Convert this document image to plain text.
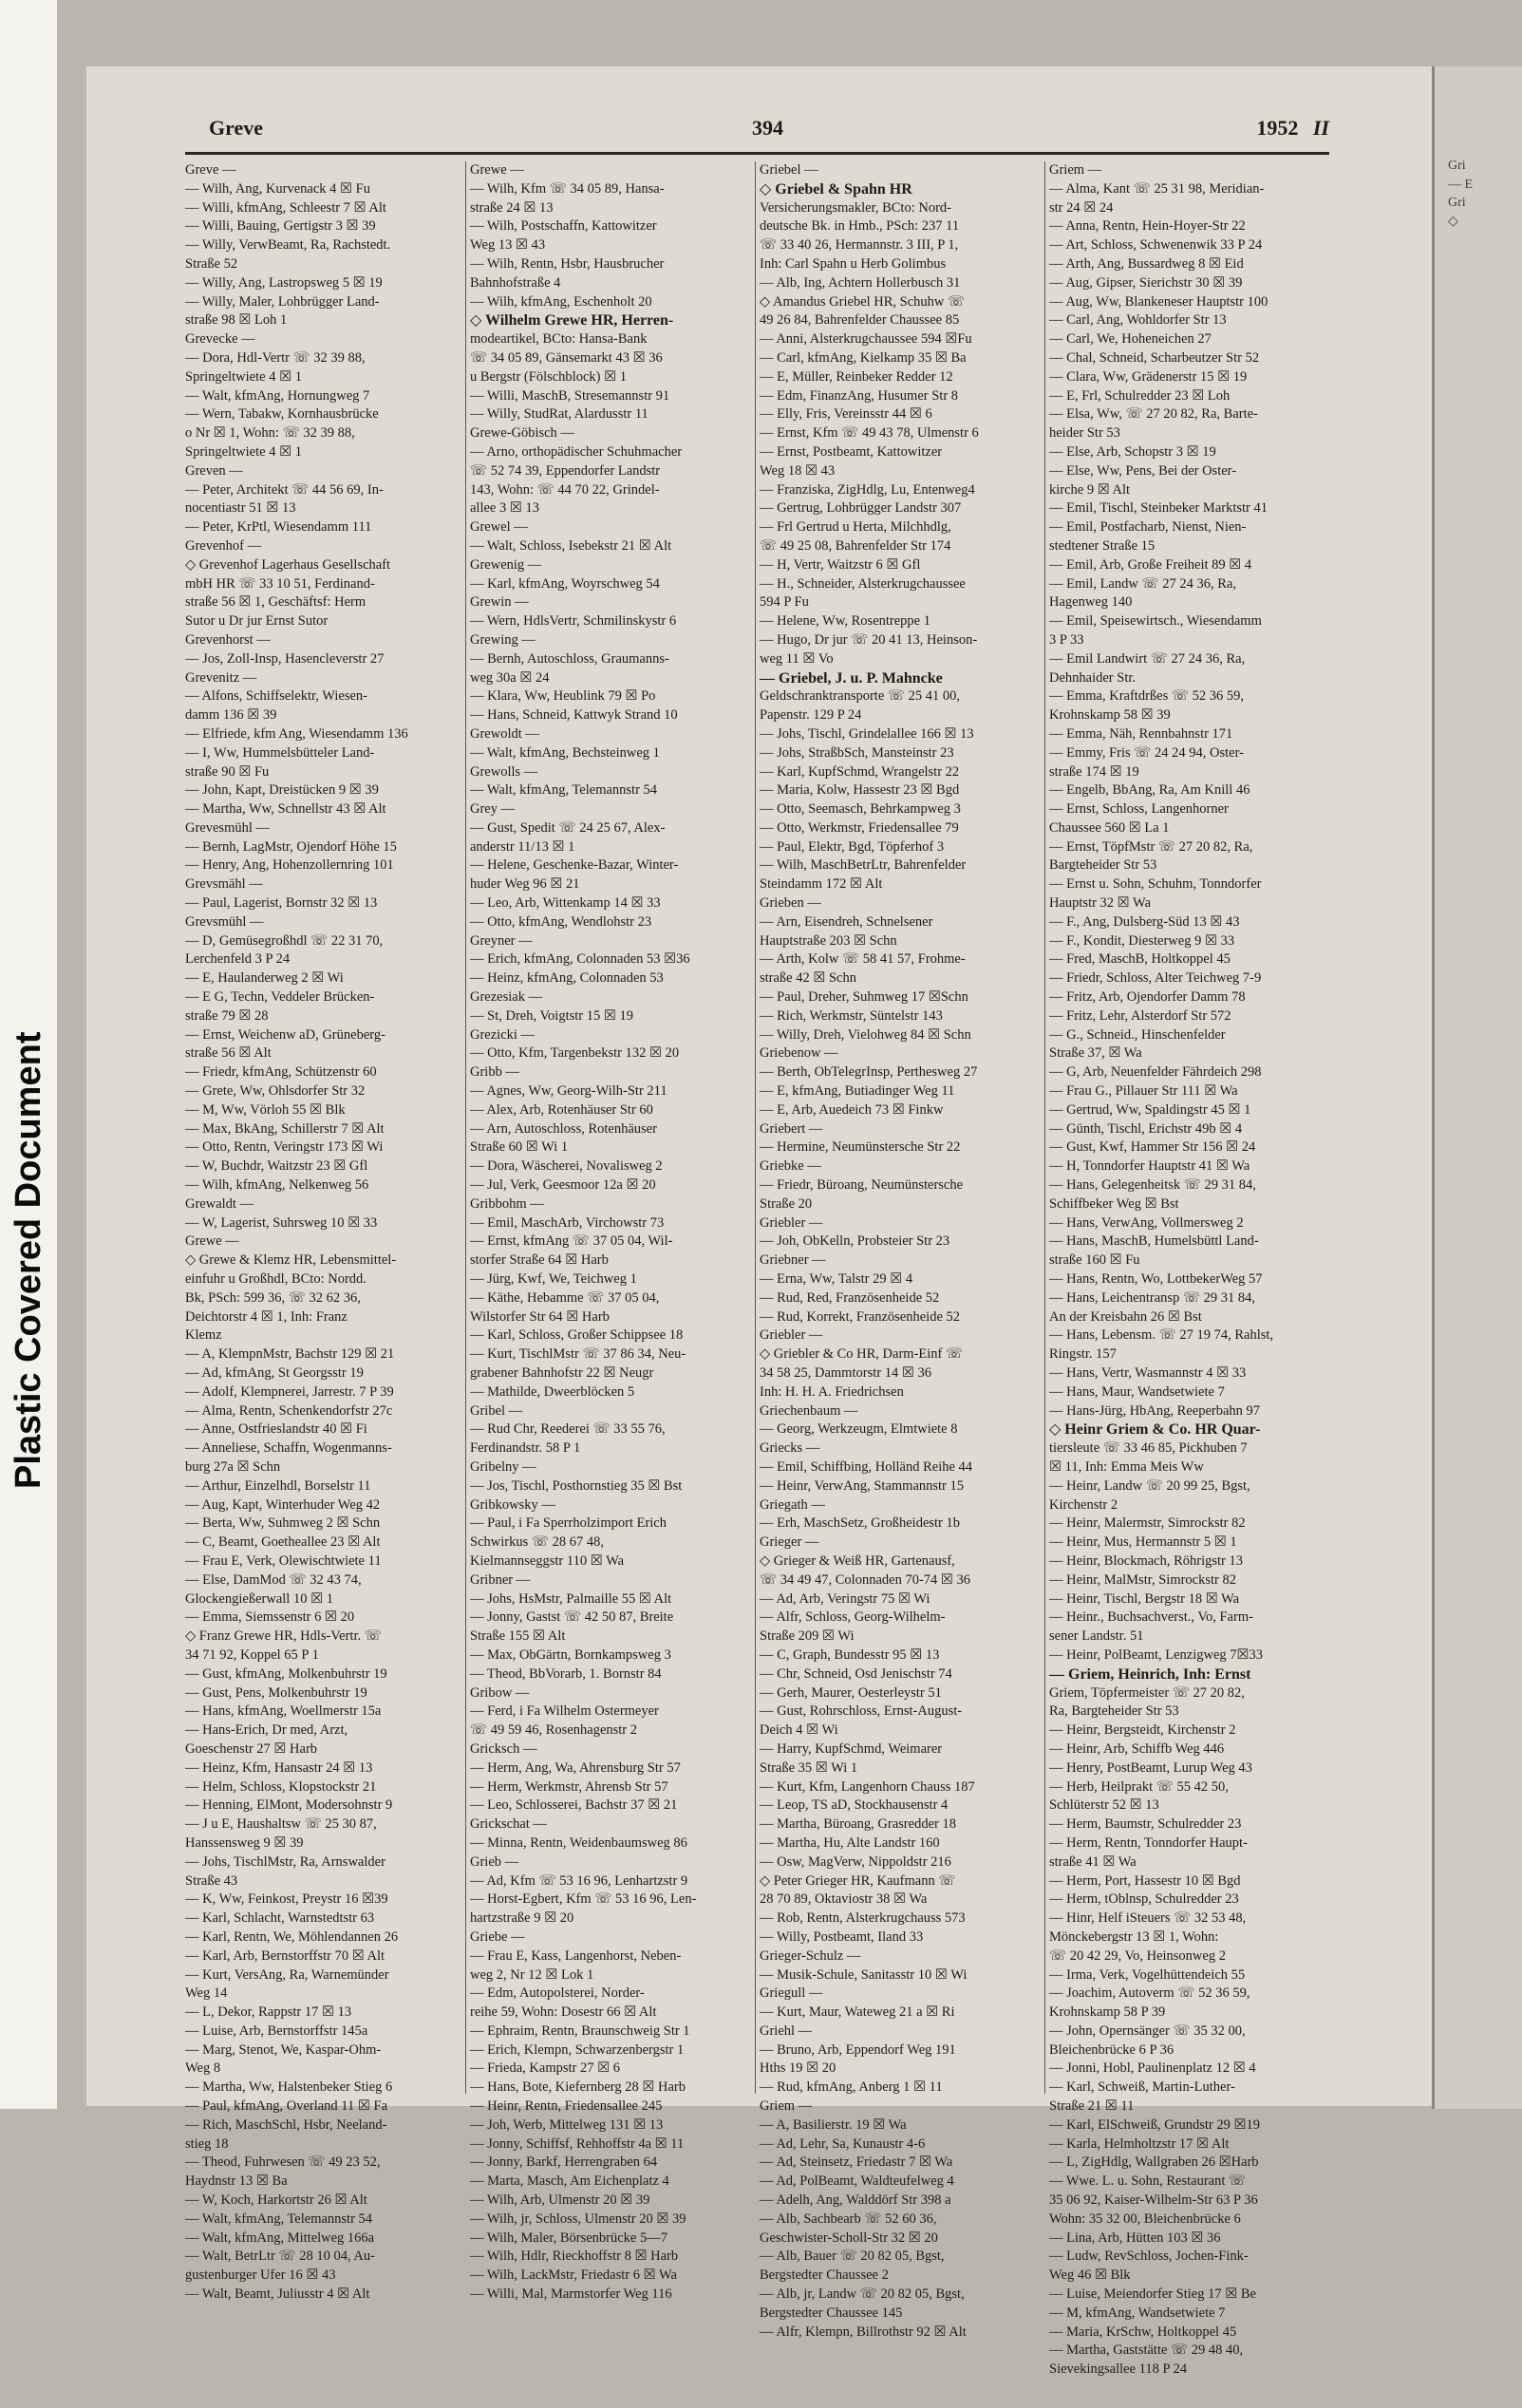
Plastic Covered Document
Gri
— E
Gri
◇

Greve	394	1952 II
Greve —
— Wilh, Ang, Kurvenack 4 ☒ Fu
— Willi, kfmAng, Schleestr 7 ☒ Alt
— Willi, Bauing, Gertigstr 3 ☒ 39
— Willy, VerwBeamt, Ra, Rachstedt.
Straße 52
— Willy, Ang, Lastropsweg 5 ☒ 19
— Willy, Maler, Lohbrügger Land-
straße 98 ☒ Loh 1
Grevecke —
— Dora, Hdl-Vertr ☏ 32 39 88,
Springeltwiete 4 ☒ 1
— Walt, kfmAng, Hornungweg 7
— Wern, Tabakw, Kornhausbrücke
o Nr ☒ 1, Wohn: ☏ 32 39 88,
Springeltwiete 4 ☒ 1
Greven —
— Peter, Architekt ☏ 44 56 69, In-
nocentiastr 51 ☒ 13
— Peter, KrPtl, Wiesendamm 111
Grevenhof —
◇ Grevenhof Lagerhaus Gesellschaft
mbH HR ☏ 33 10 51, Ferdinand-
straße 56 ☒ 1, Geschäftsf: Herm
Sutor u Dr jur Ernst Sutor
Grevenhorst —
— Jos, Zoll-Insp, Hasencleverstr 27
Grevenitz —
— Alfons, Schiffselektr, Wiesen-
damm 136 ☒ 39
— Elfriede, kfm Ang, Wiesendamm 136
— I, Ww, Hummelsbütteler Land-
straße 90 ☒ Fu
— John, Kapt, Dreistücken 9 ☒ 39
— Martha, Ww, Schnellstr 43 ☒ Alt
Grevesmühl —
— Bernh, LagMstr, Ojendorf Höhe 15
— Henry, Ang, Hohenzollernring 101
Grevsmähl —
— Paul, Lagerist, Bornstr 32 ☒ 13
Grevsmühl —
— D, Gemüsegroßhdl ☏ 22 31 70,
Lerchenfeld 3 P 24
— E, Haulanderweg 2 ☒ Wi
— E G, Techn, Veddeler Brücken-
straße 79 ☒ 28
— Ernst, Weichenw aD, Grüneberg-
straße 56 ☒ Alt
— Friedr, kfmAng, Schützenstr 60
— Grete, Ww, Ohlsdorfer Str 32
— M, Ww, Vörloh 55 ☒ Blk
— Max, BkAng, Schillerstr 7 ☒ Alt
— Otto, Rentn, Veringstr 173 ☒ Wi
— W, Buchdr, Waitzstr 23 ☒ Gfl
— Wilh, kfmAng, Nelkenweg 56
Grewaldt —
— W, Lagerist, Suhrsweg 10 ☒ 33
Grewe —
◇ Grewe & Klemz HR, Lebensmittel-
einfuhr u Großhdl, BCto: Nordd.
Bk, PSch: 599 36, ☏ 32 62 36,
Deichtorstr 4 ☒ 1, Inh: Franz
Klemz
— A, KlempnMstr, Bachstr 129 ☒ 21
— Ad, kfmAng, St Georgsstr 19
— Adolf, Klempnerei, Jarrestr. 7 P 39
— Alma, Rentn, Schenkendorfstr 27c
— Anne, Ostfrieslandstr 40 ☒ Fi
— Anneliese, Schaffn, Wogenmanns-
burg 27a ☒ Schn
— Arthur, Einzelhdl, Borselstr 11
— Aug, Kapt, Winterhuder Weg 42
— Berta, Ww, Suhmweg 2 ☒ Schn
— C, Beamt, Goetheallee 23 ☒ Alt
— Frau E, Verk, Olewischtwiete 11
— Else, DamMod ☏ 32 43 74,
Glockengießerwall 10 ☒ 1
— Emma, Siemssenstr 6 ☒ 20
◇ Franz Grewe HR, Hdls-Vertr. ☏
34 71 92, Koppel 65 P 1
— Gust, kfmAng, Molkenbuhrstr 19
— Gust, Pens, Molkenbuhrstr 19
— Hans, kfmAng, Woellmerstr 15a
— Hans-Erich, Dr med, Arzt,
Goeschenstr 27 ☒ Harb
— Heinz, Kfm, Hansastr 24 ☒ 13
— Helm, Schloss, Klopstockstr 21
— Henning, ElMont, Modersohnstr 9
— J u E, Haushaltsw ☏ 25 30 87,
Hanssensweg 9 ☒ 39
— Johs, TischlMstr, Ra, Arnswalder
Straße 43
— K, Ww, Feinkost, Preystr 16 ☒39
— Karl, Schlacht, Warnstedtstr 63
— Karl, Rentn, We, Möhlendannen 26
— Karl, Arb, Bernstorffstr 70 ☒ Alt
— Kurt, VersAng, Ra, Warnemünder
Weg 14
— L, Dekor, Rappstr 17 ☒ 13
— Luise, Arb, Bernstorffstr 145a
— Marg, Stenot, We, Kaspar-Ohm-
Weg 8
— Martha, Ww, Halstenbeker Stieg 6
— Paul, kfmAng, Overland 11 ☒ Fa
— Rich, MaschSchl, Hsbr, Neeland-
stieg 18
— Theod, Fuhrwesen ☏ 49 23 52,
Haydnstr 13 ☒ Ba
— W, Koch, Harkortstr 26 ☒ Alt
— Walt, kfmAng, Telemannstr 54
— Walt, kfmAng, Mittelweg 166a
— Walt, BetrLtr ☏ 28 10 04, Au-
gustenburger Ufer 16 ☒ 43
— Walt, Beamt, Juliusstr 4 ☒ Alt
Grewe —
— Wilh, Kfm ☏ 34 05 89, Hansa-
straße 24 ☒ 13
— Wilh, Postschaffn, Kattowitzer
Weg 13 ☒ 43
— Wilh, Rentn, Hsbr, Hausbrucher
Bahnhofstraße 4
— Wilh, kfmAng, Eschenholt 20
◇ Wilhelm Grewe HR, Herren-
modeartikel, BCto: Hansa-Bank
☏ 34 05 89, Gänsemarkt 43 ☒ 36
u Bergstr (Fölschblock) ☒ 1
— Willi, MaschB, Stresemannstr 91
— Willy, StudRat, Alardusstr 11
Grewe-Göbisch —
— Arno, orthopädischer Schuhmacher
☏ 52 74 39, Eppendorfer Landstr
143, Wohn: ☏ 44 70 22, Grindel-
allee 3 ☒ 13
Grewel —
— Walt, Schloss, Isebekstr 21 ☒ Alt
Grewenig —
— Karl, kfmAng, Woyrschweg 54
Grewin —
— Wern, HdlsVertr, Schmilinskystr 6
Grewing —
— Bernh, Autoschloss, Graumanns-
weg 30a ☒ 24
— Klara, Ww, Heublink 79 ☒ Po
— Hans, Schneid, Kattwyk Strand 10
Grewoldt —
— Walt, kfmAng, Bechsteinweg 1
Grewolls —
— Walt, kfmAng, Telemannstr 54
Grey —
— Gust, Spedit ☏ 24 25 67, Alex-
anderstr 11/13 ☒ 1
— Helene, Geschenke-Bazar, Winter-
huder Weg 96 ☒ 21
— Leo, Arb, Wittenkamp 14 ☒ 33
— Otto, kfmAng, Wendlohstr 23
Greyner —
— Erich, kfmAng, Colonnaden 53 ☒36
— Heinz, kfmAng, Colonnaden 53
Grezesiak —
— St, Dreh, Voigtstr 15 ☒ 19
Grezicki —
— Otto, Kfm, Targenbekstr 132 ☒ 20
Gribb —
— Agnes, Ww, Georg-Wilh-Str 211
— Alex, Arb, Rotenhäuser Str 60
— Arn, Autoschloss, Rotenhäuser
Straße 60 ☒ Wi 1
— Dora, Wäscherei, Novalisweg 2
— Jul, Verk, Geesmoor 12a ☒ 20
Gribbohm —
— Emil, MaschArb, Virchowstr 73
— Ernst, kfmAng ☏ 37 05 04, Wil-
storfer Straße 64 ☒ Harb
— Jürg, Kwf, We, Teichweg 1
— Käthe, Hebamme ☏ 37 05 04,
Wilstorfer Str 64 ☒ Harb
— Karl, Schloss, Großer Schippsee 18
— Kurt, TischlMstr ☏ 37 86 34, Neu-
grabener Bahnhofstr 22 ☒ Neugr
— Mathilde, Dweerblöcken 5
Gribel —
— Rud Chr, Reederei ☏ 33 55 76,
Ferdinandstr. 58 P 1
Gribelny —
— Jos, Tischl, Posthornstieg 35 ☒ Bst
Gribkowsky —
— Paul, i Fa Sperrholzimport Erich
Schwirkus ☏ 28 67 48,
Kielmannseggstr 110 ☒ Wa
Gribner —
— Johs, HsMstr, Palmaille 55 ☒ Alt
— Jonny, Gastst ☏ 42 50 87, Breite
Straße 155 ☒ Alt
— Max, ObGärtn, Bornkampsweg 3
— Theod, BbVorarb, 1. Bornstr 84
Gribow —
— Ferd, i Fa Wilhelm Ostermeyer
☏ 49 59 46, Rosenhagenstr 2
Gricksch —
— Herm, Ang, Wa, Ahrensburg Str 57
— Herm, Werkmstr, Ahrensb Str 57
— Leo, Schlosserei, Bachstr 37 ☒ 21
Grickschat —
— Minna, Rentn, Weidenbaumsweg 86
Grieb —
— Ad, Kfm ☏ 53 16 96, Lenhartzstr 9
— Horst-Egbert, Kfm ☏ 53 16 96, Len-
hartzstraße 9 ☒ 20
Griebe —
— Frau E, Kass, Langenhorst, Neben-
weg 2, Nr 12 ☒ Lok 1
— Edm, Autopolsterei, Norder-
reihe 59, Wohn: Dosestr 66 ☒ Alt
— Ephraim, Rentn, Braunschweig Str 1
— Erich, Klempn, Schwarzenbergstr 1
— Frieda, Kampstr 27 ☒ 6
— Hans, Bote, Kiefernberg 28 ☒ Harb
— Heinr, Rentn, Friedensallee 245
— Joh, Werb, Mittelweg 131 ☒ 13
— Jonny, Schiffsf, Rehhoffstr 4a ☒ 11
— Jonny, Barkf, Herrengraben 64
— Marta, Masch, Am Eichenplatz 4
— Wilh, Arb, Ulmenstr 20 ☒ 39
— Wilh, jr, Schloss, Ulmenstr 20 ☒ 39
— Wilh, Maler, Börsenbrücke 5—7
— Wilh, Hdlr, Rieckhoffstr 8 ☒ Harb
— Wilh, LackMstr, Friedastr 6 ☒ Wa
— Willi, Mal, Marmstorfer Weg 116
Griebel —
◇ Griebel & Spahn HR
Versicherungsmakler, BCto: Nord-
deutsche Bk. in Hmb., PSch: 237 11
☏ 33 40 26, Hermannstr. 3 III, P 1,
Inh: Carl Spahn u Herb Golimbus
— Alb, Ing, Achtern Hollerbusch 31
◇ Amandus Griebel HR, Schuhw ☏
49 26 84, Bahrenfelder Chaussee 85
— Anni, Alsterkrugchaussee 594 ☒Fu
— Carl, kfmAng, Kielkamp 35 ☒ Ba
— E, Müller, Reinbeker Redder 12
— Edm, FinanzAng, Husumer Str 8
— Elly, Fris, Vereinsstr 44 ☒ 6
— Ernst, Kfm ☏ 49 43 78, Ulmenstr 6
— Ernst, Postbeamt, Kattowitzer
Weg 18 ☒ 43
— Franziska, ZigHdlg, Lu, Entenweg4
— Gertrug, Lohbrügger Landstr 307
— Frl Gertrud u Herta, Milchhdlg,
☏ 49 25 08, Bahrenfelder Str 174
— H, Vertr, Waitzstr 6 ☒ Gfl
— H., Schneider, Alsterkrugchaussee
594 P Fu
— Helene, Ww, Rosentreppe 1
— Hugo, Dr jur ☏ 20 41 13, Heinson-
weg 11 ☒ Vo
— Griebel, J. u. P. Mahncke
Geldschranktransporte ☏ 25 41 00,
Papenstr. 129 P 24
— Johs, Tischl, Grindelallee 166 ☒ 13
— Johs, StraßbSch, Mansteinstr 23
— Karl, KupfSchmd, Wrangelstr 22
— Maria, Kolw, Hassestr 23 ☒ Bgd
— Otto, Seemasch, Behrkampweg 3
— Otto, Werkmstr, Friedensallee 79
— Paul, Elektr, Bgd, Töpferhof 3
— Wilh, MaschBetrLtr, Bahrenfelder
Steindamm 172 ☒ Alt
Grieben —
— Arn, Eisendreh, Schnelsener
Hauptstraße 203 ☒ Schn
— Arth, Kolw ☏ 58 41 57, Frohme-
straße 42 ☒ Schn
— Paul, Dreher, Suhmweg 17 ☒Schn
— Rich, Werkmstr, Süntelstr 143
— Willy, Dreh, Vielohweg 84 ☒ Schn
Griebenow —
— Berth, ObTelegrInsp, Perthesweg 27
— E, kfmAng, Butiadinger Weg 11
— E, Arb, Auedeich 73 ☒ Finkw
Griebert —
— Hermine, Neumünstersche Str 22
Griebke —
— Friedr, Büroang, Neumünstersche
Straße 20
Griebler —
— Joh, ObKelln, Probsteier Str 23
Griebner —
— Erna, Ww, Talstr 29 ☒ 4
— Rud, Red, Französenheide 52
— Rud, Korrekt, Französenheide 52
Griebler —
◇ Griebler & Co HR, Darm-Einf ☏
34 58 25, Dammtorstr 14 ☒ 36
Inh: H. H. A. Friedrichsen
Griechenbaum —
— Georg, Werkzeugm, Elmtwiete 8
Griecks —
— Emil, Schiffbing, Holländ Reihe 44
— Heinr, VerwAng, Stammannstr 15
Griegath —
— Erh, MaschSetz, Großheidestr 1b
Grieger —
◇ Grieger & Weiß HR, Gartenausf,
☏ 34 49 47, Colonnaden 70-74 ☒ 36
— Ad, Arb, Veringstr 75 ☒ Wi
— Alfr, Schloss, Georg-Wilhelm-
Straße 209 ☒ Wi
— C, Graph, Bundesstr 95 ☒ 13
— Chr, Schneid, Osd Jenischstr 74
— Gerh, Maurer, Oesterleystr 51
— Gust, Rohrschloss, Ernst-August-
Deich 4 ☒ Wi
— Harry, KupfSchmd, Weimarer
Straße 35 ☒ Wi 1
— Kurt, Kfm, Langenhorn Chauss 187
— Leop, TS aD, Stockhausenstr 4
— Martha, Büroang, Grasredder 18
— Martha, Hu, Alte Landstr 160
— Osw, MagVerw, Nippoldstr 216
◇ Peter Grieger HR, Kaufmann ☏
28 70 89, Oktaviostr 38 ☒ Wa
— Rob, Rentn, Alsterkrugchauss 573
— Willy, Postbeamt, Iland 33
Grieger-Schulz —
— Musik-Schule, Sanitasstr 10 ☒ Wi
Griegull —
— Kurt, Maur, Wateweg 21 a ☒ Ri
Griehl —
— Bruno, Arb, Eppendorf Weg 191
Hths 19 ☒ 20
— Rud, kfmAng, Anberg 1 ☒ 11
Griem —
— A, Basilierstr. 19 ☒ Wa
— Ad, Lehr, Sa, Kunaustr 4-6
— Ad, Steinsetz, Friedastr 7 ☒ Wa
— Ad, PolBeamt, Waldteufelweg 4
— Adelh, Ang, Walddörf Str 398 a
— Alb, Sachbearb ☏ 52 60 36,
Geschwister-Scholl-Str 32 ☒ 20
— Alb, Bauer ☏ 20 82 05, Bgst,
Bergstedter Chaussee 2
— Alb, jr, Landw ☏ 20 82 05, Bgst,
Bergstedter Chaussee 145
— Alfr, Klempn, Billrothstr 92 ☒ Alt
Griem —
— Alma, Kant ☏ 25 31 98, Meridian-
str 24 ☒ 24
— Anna, Rentn, Hein-Hoyer-Str 22
— Art, Schloss, Schwenenwik 33 P 24
— Arth, Ang, Bussardweg 8 ☒ Eid
— Aug, Gipser, Sierichstr 30 ☒ 39
— Aug, Ww, Blankeneser Hauptstr 100
— Carl, Ang, Wohldorfer Str 13
— Carl, We, Hoheneichen 27
— Chal, Schneid, Scharbeutzer Str 52
— Clara, Ww, Grädenerstr 15 ☒ 19
— E, Frl, Schulredder 23 ☒ Loh
— Elsa, Ww, ☏ 27 20 82, Ra, Barte-
heider Str 53
— Else, Arb, Schopstr 3 ☒ 19
— Else, Ww, Pens, Bei der Oster-
kirche 9 ☒ Alt
— Emil, Tischl, Steinbeker Marktstr 41
— Emil, Postfacharb, Nienst, Nien-
stedtener Straße 15
— Emil, Arb, Große Freiheit 89 ☒ 4
— Emil, Landw ☏ 27 24 36, Ra,
Hagenweg 140
— Emil, Speisewirtsch., Wiesendamm
3 P 33
— Emil Landwirt ☏ 27 24 36, Ra,
Dehnhaider Str.
— Emma, Kraftdrßes ☏ 52 36 59,
Krohnskamp 58 ☒ 39
— Emma, Näh, Rennbahnstr 171
— Emmy, Fris ☏ 24 24 94, Oster-
straße 174 ☒ 19
— Engelb, BbAng, Ra, Am Knill 46
— Ernst, Schloss, Langenhorner
Chaussee 560 ☒ La 1
— Ernst, TöpfMstr ☏ 27 20 82, Ra,
Bargteheider Str 53
— Ernst u. Sohn, Schuhm, Tonndorfer
Hauptstr 32 ☒ Wa
— F., Ang, Dulsberg-Süd 13 ☒ 43
— F., Kondit, Diesterweg 9 ☒ 33
— Fred, MaschB, Holtkoppel 45
— Friedr, Schloss, Alter Teichweg 7-9
— Fritz, Arb, Ojendorfer Damm 78
— Fritz, Lehr, Alsterdorf Str 572
— G., Schneid., Hinschenfelder
Straße 37, ☒ Wa
— G, Arb, Neuenfelder Fährdeich 298
— Frau G., Pillauer Str 111 ☒ Wa
— Gertrud, Ww, Spaldingstr 45 ☒ 1
— Günth, Tischl, Erichstr 49b ☒ 4
— Gust, Kwf, Hammer Str 156 ☒ 24
— H, Tonndorfer Hauptstr 41 ☒ Wa
— Hans, Gelegenheitsk ☏ 29 31 84,
Schiffbeker Weg ☒ Bst
— Hans, VerwAng, Vollmersweg 2
— Hans, MaschB, Humelsbüttl Land-
straße 160 ☒ Fu
— Hans, Rentn, Wo, LottbekerWeg 57
— Hans, Leichentransp ☏ 29 31 84,
An der Kreisbahn 26 ☒ Bst
— Hans, Lebensm. ☏ 27 19 74, Rahlst,
Ringstr. 157
— Hans, Vertr, Wasmannstr 4 ☒ 33
— Hans, Maur, Wandsetwiete 7
— Hans-Jürg, HbAng, Reeperbahn 97
◇ Heinr Griem & Co. HR Quar-
tiersleute ☏ 33 46 85, Pickhuben 7
☒ 11, Inh: Emma Meis Ww
— Heinr, Landw ☏ 20 99 25, Bgst,
Kirchenstr 2
— Heinr, Malermstr, Simrockstr 82
— Heinr, Mus, Hermannstr 5 ☒ 1
— Heinr, Blockmach, Röhrigstr 13
— Heinr, MalMstr, Simrockstr 82
— Heinr, Tischl, Bergstr 18 ☒ Wa
— Heinr., Buchsachverst., Vo, Farm-
sener Landstr. 51
— Heinr, PolBeamt, Lenzigweg 7☒33
— Griem, Heinrich, Inh: Ernst
Griem, Töpfermeister ☏ 27 20 82,
Ra, Bargteheider Str 53
— Heinr, Bergsteidt, Kirchenstr 2
— Heinr, Arb, Schiffb Weg 446
— Henry, PostBeamt, Lurup Weg 43
— Herb, Heilprakt ☏ 55 42 50,
Schlüterstr 52 ☒ 13
— Herm, Baumstr, Schulredder 23
— Herm, Rentn, Tonndorfer Haupt-
straße 41 ☒ Wa
— Herm, Port, Hassestr 10 ☒ Bgd
— Herm, tOblnsp, Schulredder 23
— Hinr, Helf iSteuers ☏ 32 53 48,
Mönckebergstr 13 ☒ 1, Wohn:
☏ 20 42 29, Vo, Heinsonweg 2
— Irma, Verk, Vogelhüttendeich 55
— Joachim, Autoverm ☏ 52 36 59,
Krohnskamp 58 P 39
— John, Opernsänger ☏ 35 32 00,
Bleichenbrücke 6 P 36
— Jonni, Hobl, Paulinenplatz 12 ☒ 4
— Karl, Schweiß, Martin-Luther-
Straße 21 ☒ 11
— Karl, ElSchweiß, Grundstr 29 ☒19
— Karla, Helmholtzstr 17 ☒ Alt
— L, ZigHdlg, Wallgraben 26 ☒Harb
— Wwe. L. u. Sohn, Restaurant ☏
35 06 92, Kaiser-Wilhelm-Str 63 P 36
Wohn: 35 32 00, Bleichenbrücke 6
— Lina, Arb, Hütten 103 ☒ 36
— Ludw, RevSchloss, Jochen-Fink-
Weg 46 ☒ Blk
— Luise, Meiendorfer Stieg 17 ☒ Be
— M, kfmAng, Wandsetwiete 7
— Maria, KrSchw, Holtkoppel 45
— Martha, Gaststätte ☏ 29 48 40,
Sievekingsallee 118 P 24
